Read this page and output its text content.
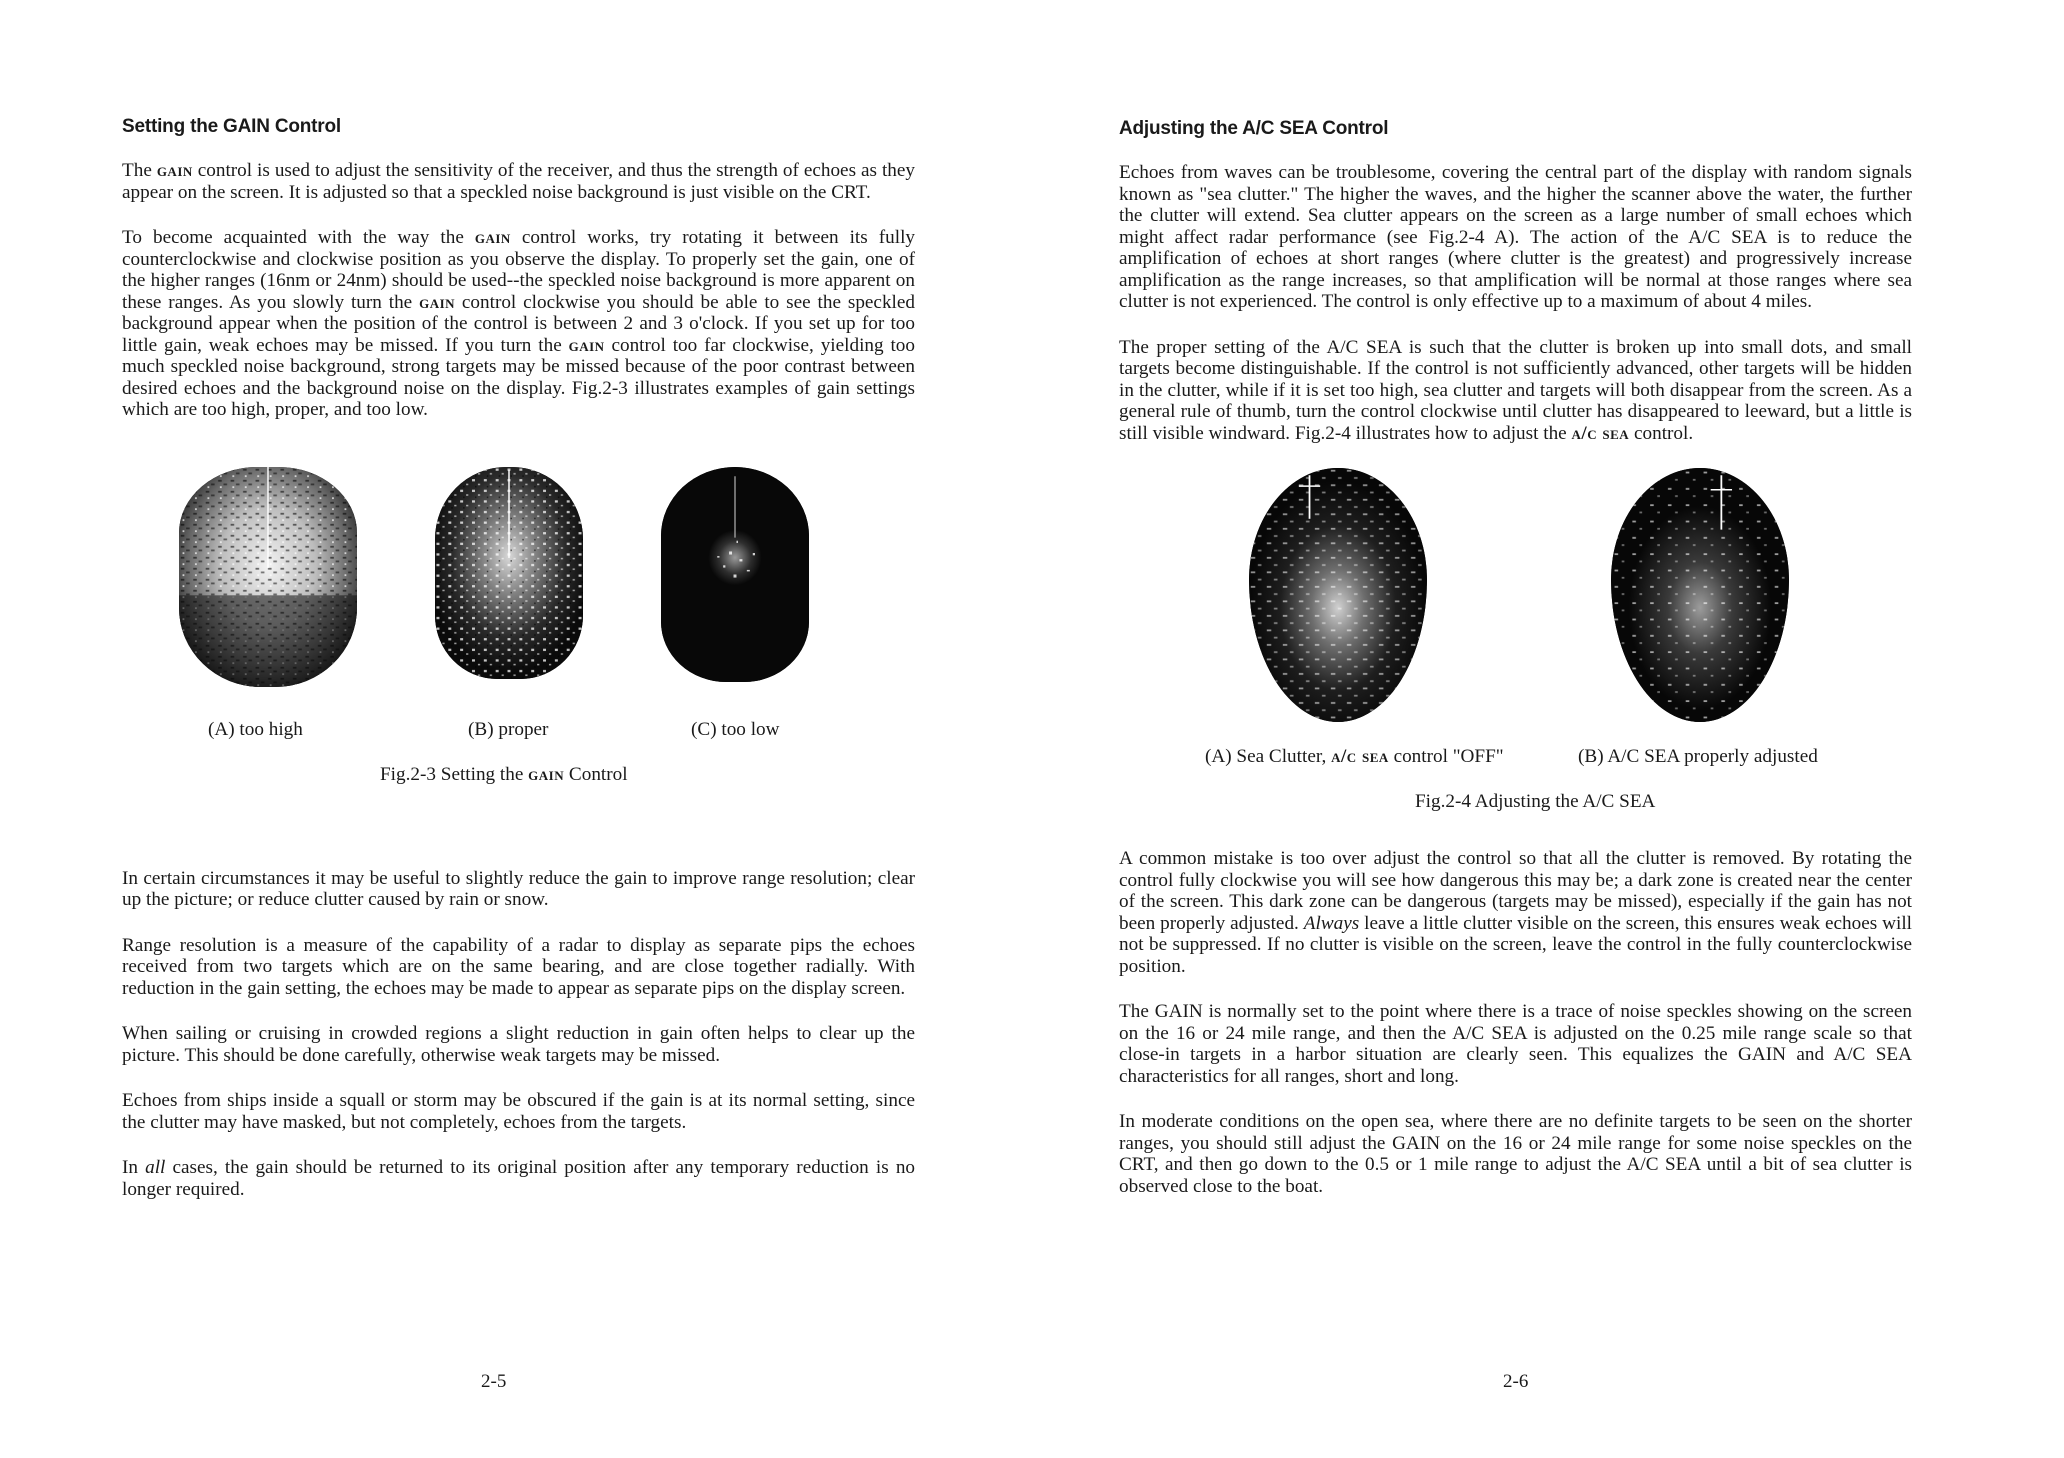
Setting the GAIN Control

The gain control is used to adjust the sensitivity of the receiver, and thus the strength of echoes as they appear on the screen. It is adjusted so that a speckled noise background is just visible on the CRT.

To become acquainted with the way the gain control works, try rotating it between its fully counterclockwise and clockwise position as you observe the display. To properly set the gain, one of the higher ranges (16nm or 24nm) should be used--the speckled noise background is more apparent on these ranges. As you slowly turn the gain control clockwise you should be able to see the speckled background appear when the position of the control is between 2 and 3 o'clock. If you set up for too little gain, weak echoes may be missed. If you turn the gain control too far clockwise, yielding too much speckled noise background, strong targets may be missed because of the poor contrast between desired echoes and the background noise on the display. Fig.2-3 illustrates examples of gain settings which are too high, proper, and too low.

(A) too high	(B) proper	(C) too low
Fig.2-3 Setting the gain Control

In certain circumstances it may be useful to slightly reduce the gain to improve range resolution; clear up the picture; or reduce clutter caused by rain or snow.

Range resolution is a measure of the capability of a radar to display as separate pips the echoes received from two targets which are on the same bearing, and are close together radially. With reduction in the gain setting, the echoes may be made to appear as separate pips on the display screen.

When sailing or cruising in crowded regions a slight reduction in gain often helps to clear up the picture. This should be done carefully, otherwise weak targets may be missed.

Echoes from ships inside a squall or storm may be obscured if the gain is at its normal setting, since the clutter may have masked, but not completely, echoes from the targets.

In all cases, the gain should be returned to its original position after any temporary reduction is no longer required.

2-5
Adjusting the A/C SEA Control

Echoes from waves can be troublesome, covering the central part of the display with random signals known as "sea clutter." The higher the waves, and the higher the scanner above the water, the further the clutter will extend. Sea clutter appears on the screen as a large number of small echoes which might affect radar performance (see Fig.2-4 A). The action of the A/C SEA is to reduce the amplification of echoes at short ranges (where clutter is the greatest) and progressively increase amplification as the range increases, so that amplification will be normal at those ranges where sea clutter is not experienced. The control is only effective up to a maximum of about 4 miles.

The proper setting of the A/C SEA is such that the clutter is broken up into small dots, and small targets become distinguishable. If the control is not sufficiently advanced, other targets will be hidden in the clutter, while if it is set too high, sea clutter and targets will both disappear from the screen. As a general rule of thumb, turn the control clockwise until clutter has disappeared to leeward, but a little is still visible windward. Fig.2-4 illustrates how to adjust the a/c sea control.

(A) Sea Clutter, a/c sea control "OFF"	(B) A/C SEA properly adjusted
Fig.2-4 Adjusting the A/C SEA

A common mistake is too over adjust the control so that all the clutter is removed. By rotating the control fully clockwise you will see how dangerous this may be; a dark zone is created near the center of the screen. This dark zone can be dangerous (targets may be missed), especially if the gain has not been properly adjusted. Always leave a little clutter visible on the screen, this ensures weak echoes will not be suppressed. If no clutter is visible on the screen, leave the control in the fully counterclockwise position.

The GAIN is normally set to the point where there is a trace of noise speckles showing on the screen on the 16 or 24 mile range, and then the A/C SEA is adjusted on the 0.25 mile range scale so that close-in targets in a harbor situation are clearly seen. This equalizes the GAIN and A/C SEA characteristics for all ranges, short and long.

In moderate conditions on the open sea, where there are no definite targets to be seen on the shorter ranges, you should still adjust the GAIN on the 16 or 24 mile range for some noise speckles on the CRT, and then go down to the 0.5 or 1 mile range to adjust the A/C SEA until a bit of sea clutter is observed close to the boat.

2-6
